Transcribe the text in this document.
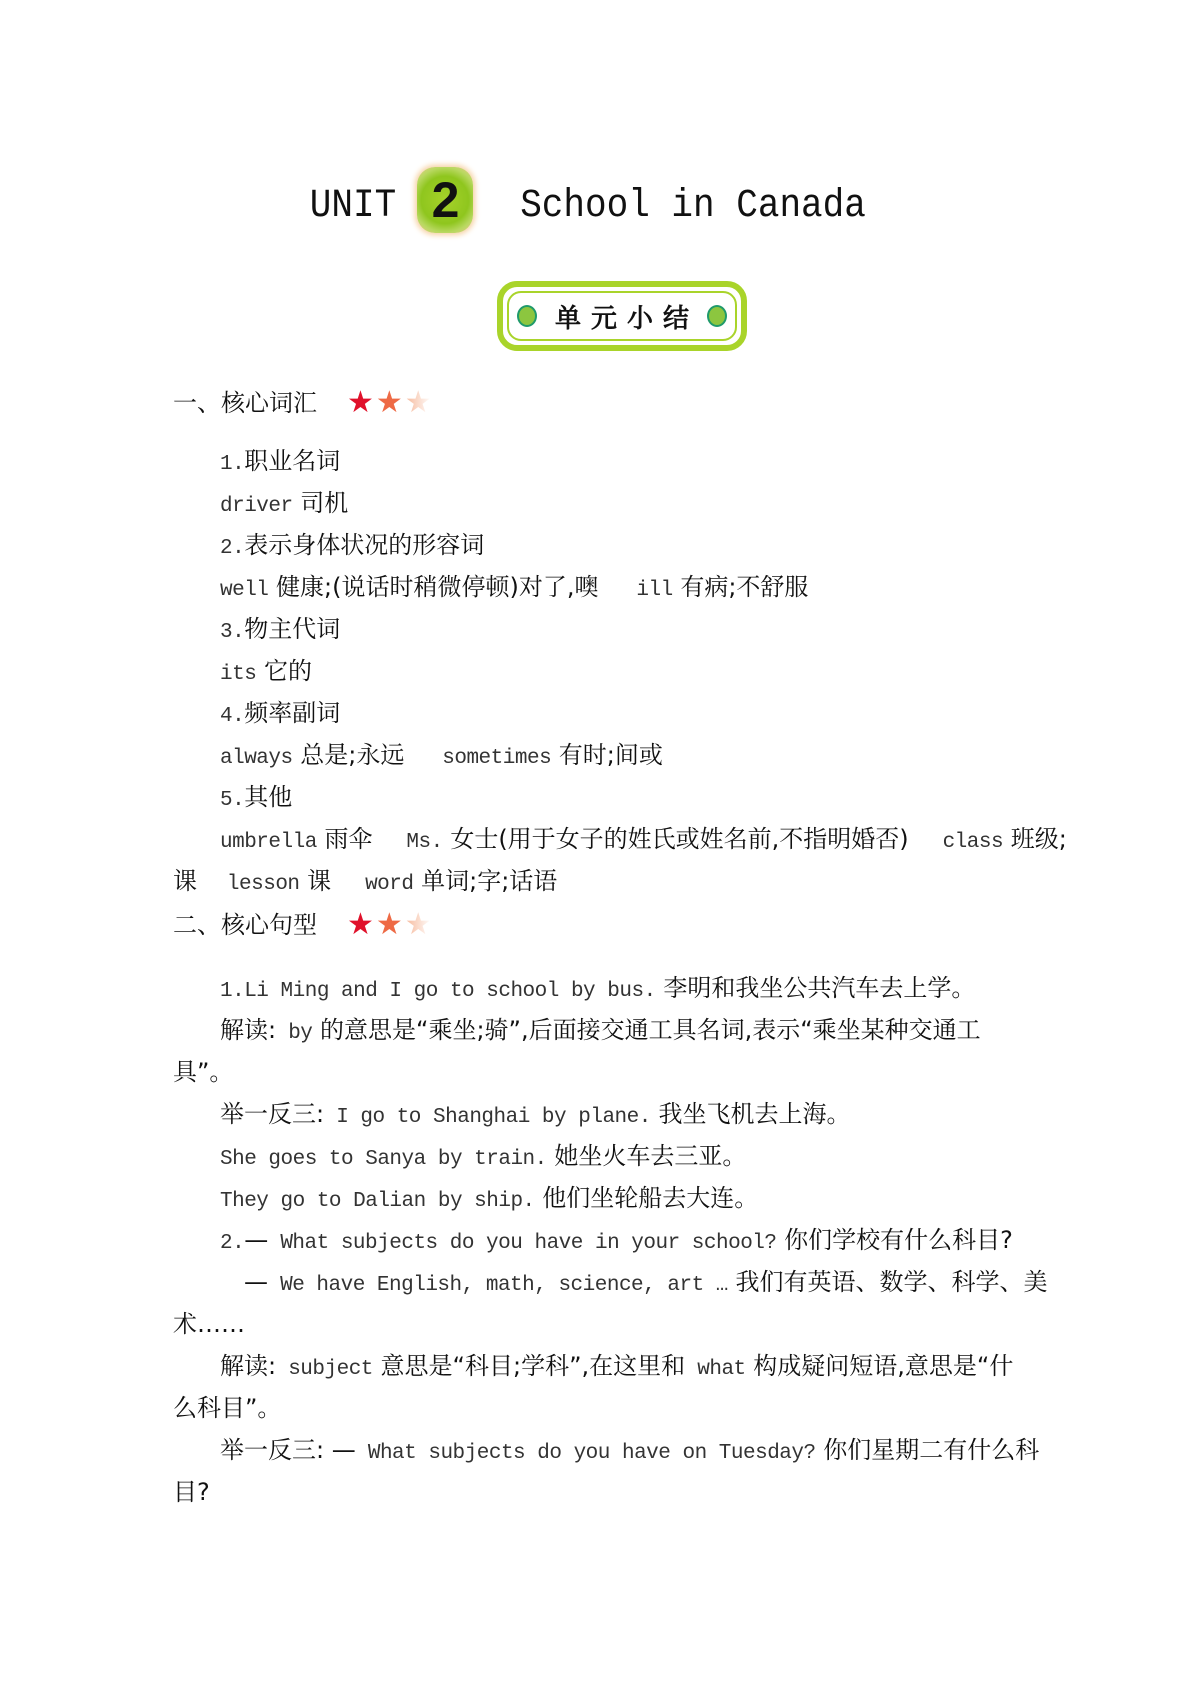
UNIT 2 School in Canada
单元小结
一、核心词汇 ★★★
1.职业名词
driver 司机
2.表示身体状况的形容词
well 健康;(说话时稍微停顿)对了,噢 ill 有病;不舒服
3.物主代词
its 它的
4.频率副词
always 总是;永远 sometimes 有时;间或
5.其他
umbrella 雨伞 Ms. 女士(用于女子的姓氏或姓名前,不指明婚否) class 班级;
课 lesson 课 word 单词;字;话语
二、核心句型 ★★★
1.Li Ming and I go to school by bus. 李明和我坐公共汽车去上学。
解读: by 的意思是“乘坐;骑”,后面接交通工具名词,表示“乘坐某种交通工
具”。
举一反三: I go to Shanghai by plane. 我坐飞机去上海。
She goes to Sanya by train. 她坐火车去三亚。
They go to Dalian by ship. 他们坐轮船去大连。
2.— What subjects do you have in your school? 你们学校有什么科目?
— We have English, math, science, art … 我们有英语、数学、科学、美
术……
解读: subject 意思是“科目;学科”,在这里和 what 构成疑问短语,意思是“什
么科目”。
举一反三: — What subjects do you have on Tuesday? 你们星期二有什么科
目?
